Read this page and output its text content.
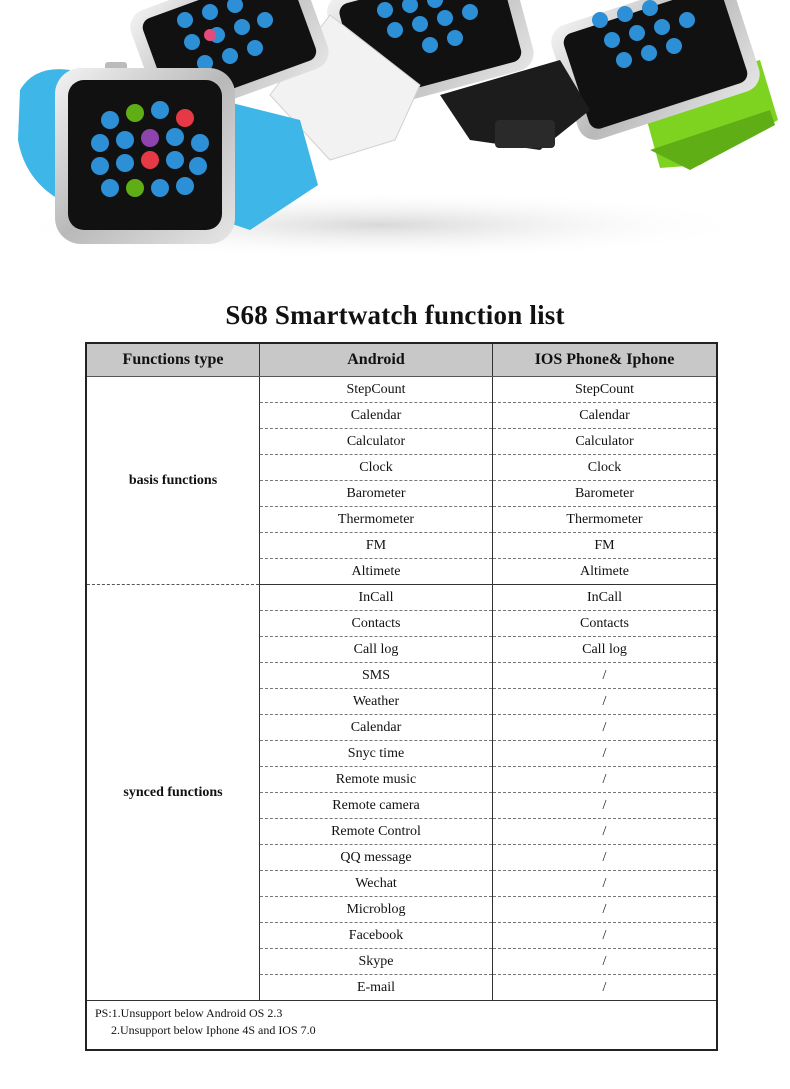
S68 Smartwatch function list
Functions type	Android	IOS Phone& Iphone
basis functions	StepCount	StepCount
	Calendar	Calendar
	Calculator	Calculator
	Clock	Clock
	Barometer	Barometer
	Thermometer	Thermometer
	FM	FM
	Altimete	Altimete
synced functions	InCall	InCall
	Contacts	Contacts
	Call log	Call log
	SMS	/
	Weather	/
	Calendar	/
	Snyc time	/
	Remote music	/
	Remote camera	/
	Remote Control	/
	QQ message	/
	Wechat	/
	Microblog	/
	Facebook	/
	Skype	/
	E-mail	/

PS:1.Unsupport below Android OS 2.3
2.Unsupport below Iphone 4S and IOS 7.0		
